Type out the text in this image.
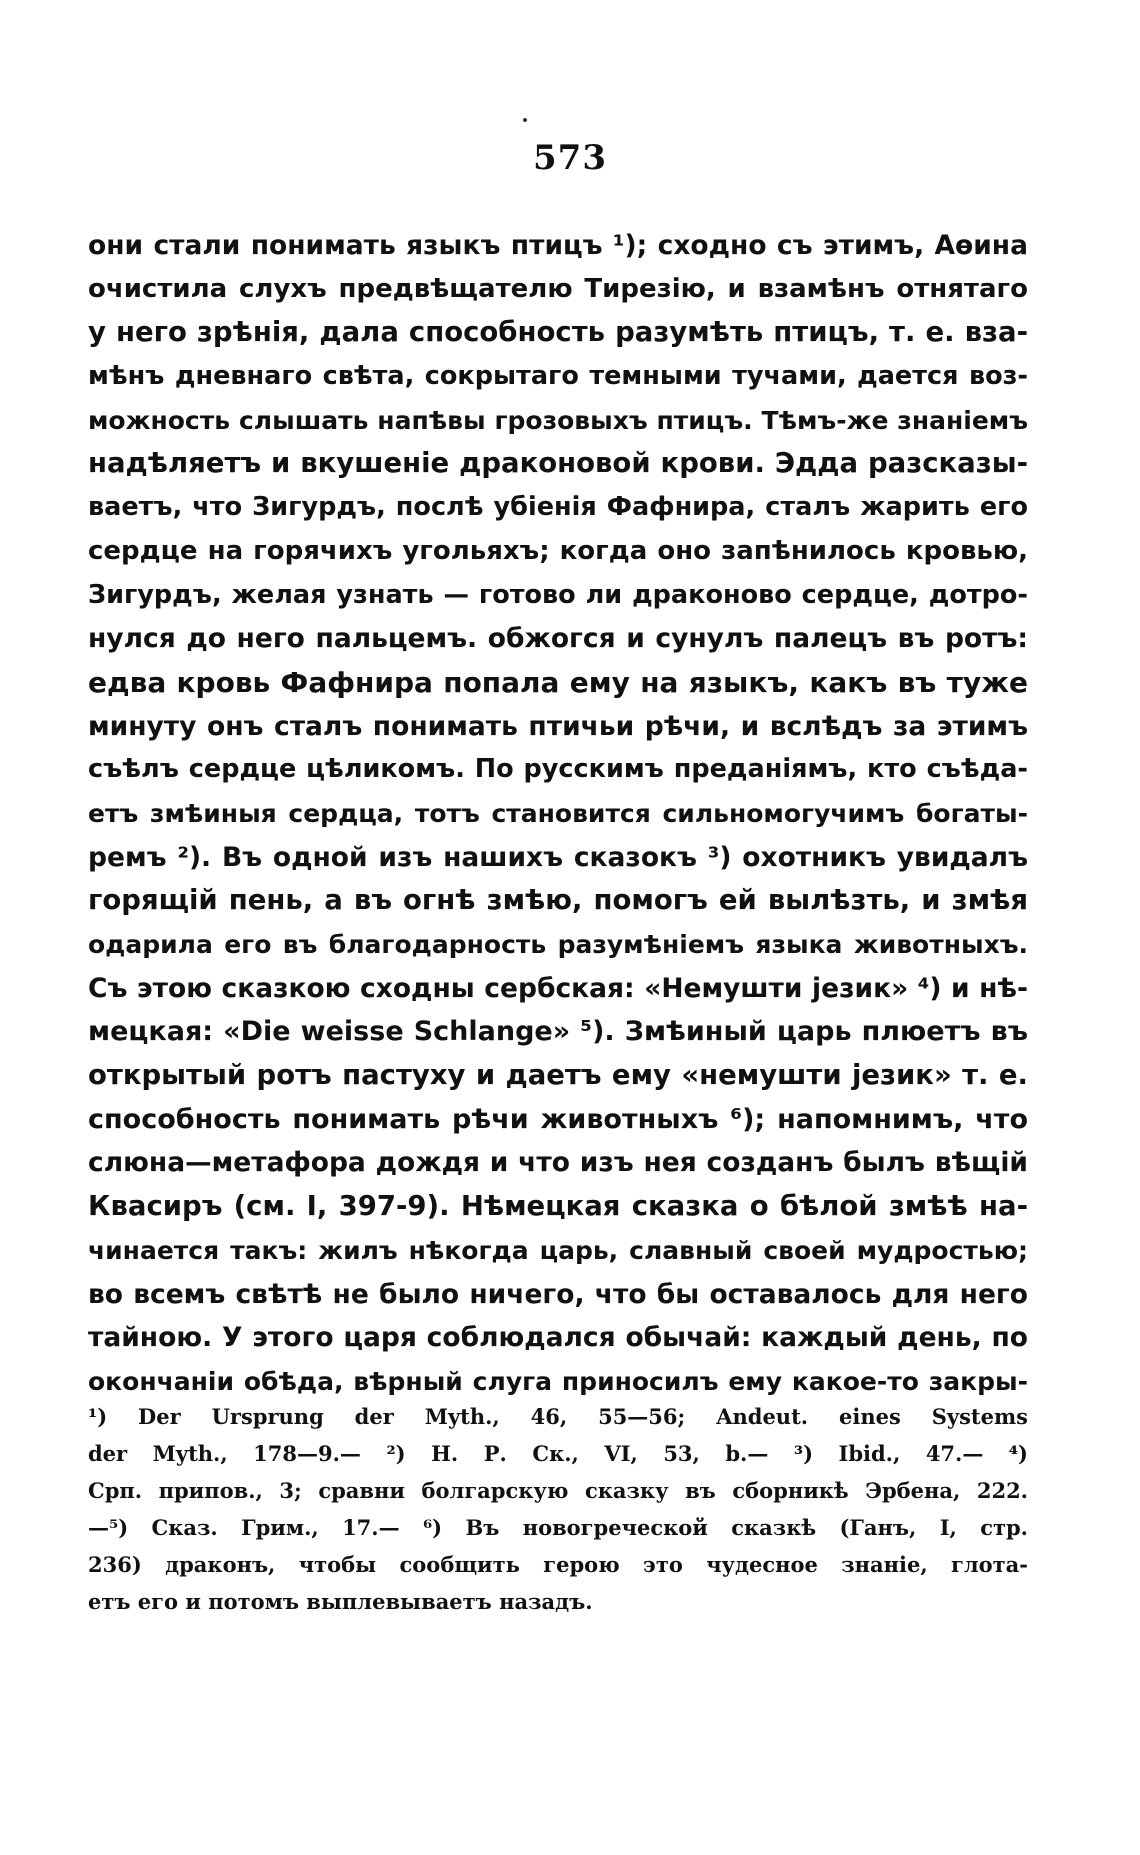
573
они стали понимать языкъ птицъ ¹); сходно съ этимъ, Аѳина
очистила слухъ предвѣщателю Тирезію, и взамѣнъ отнятаго
у него зрѣнія, дала способность разумѣть птицъ, т. е. вза-
мѣнъ дневнаго свѣта, сокрытаго темными тучами, дается воз-
можность слышать напѣвы грозовыхъ птицъ. Тѣмъ-же знаніемъ
надѣляетъ и вкушеніе драконовой крови. Эдда разсказы-
ваетъ, что Зигурдъ, послѣ убіенія Фафнира, сталъ жарить его
сердце на горячихъ угольяхъ; когда оно запѣнилось кровью,
Зигурдъ, желая узнать — готово ли драконово сердце, дотро-
нулся до него пальцемъ. обжогся и сунулъ палецъ въ ротъ:
едва кровь Фафнира попала ему на языкъ, какъ въ туже
минуту онъ сталъ понимать птичьи рѣчи, и вслѣдъ за этимъ
съѣлъ сердце цѣликомъ. По русскимъ преданіямъ, кто съѣда-
етъ змѣиныя сердца, тотъ становится сильномогучимъ богаты-
ремъ ²). Въ одной изъ нашихъ сказокъ ³) охотникъ увидалъ
горящій пень, а въ огнѣ змѣю, помогъ ей вылѣзть, и змѣя
одарила его въ благодарность разумѣніемъ языка животныхъ.
Съ этою сказкою сходны сербская: «Немушти језик» ⁴) и нѣ-
мецкая: «Die weisse Schlange» ⁵). Змѣиный царь плюетъ въ
открытый ротъ пастуху и даетъ ему «немушти језик» т. е.
способность понимать рѣчи животныхъ ⁶); напомнимъ, что
слюна—метафора дождя и что изъ нея созданъ былъ вѣщій
Квасиръ (см. I, 397-9). Нѣмецкая сказка о бѣлой змѣѣ на-
чинается такъ: жилъ нѣкогда царь, славный своей мудростью;
во всемъ свѣтѣ не было ничего, что бы оставалось для него
тайною. У этого царя соблюдался обычай: каждый день, по
окончаніи обѣда, вѣрный слуга приносилъ ему какое-то закры-
¹) Der Ursprung der Myth., 46, 55—56; Andeut. eines Systems
der Myth., 178—9.— ²) Н. Р. Ск., VI, 53, b.— ³) Ibid., 47.— ⁴)
Срп. припов., 3; сравни болгарскую сказку въ сборникѣ Эрбена, 222.
—⁵) Сказ. Грим., 17.— ⁶) Въ новогреческой сказкѣ (Ганъ, I, стр.
236) драконъ, чтобы сообщить герою это чудесное знаніе, глота-
етъ его и потомъ выплевываетъ назадъ.
